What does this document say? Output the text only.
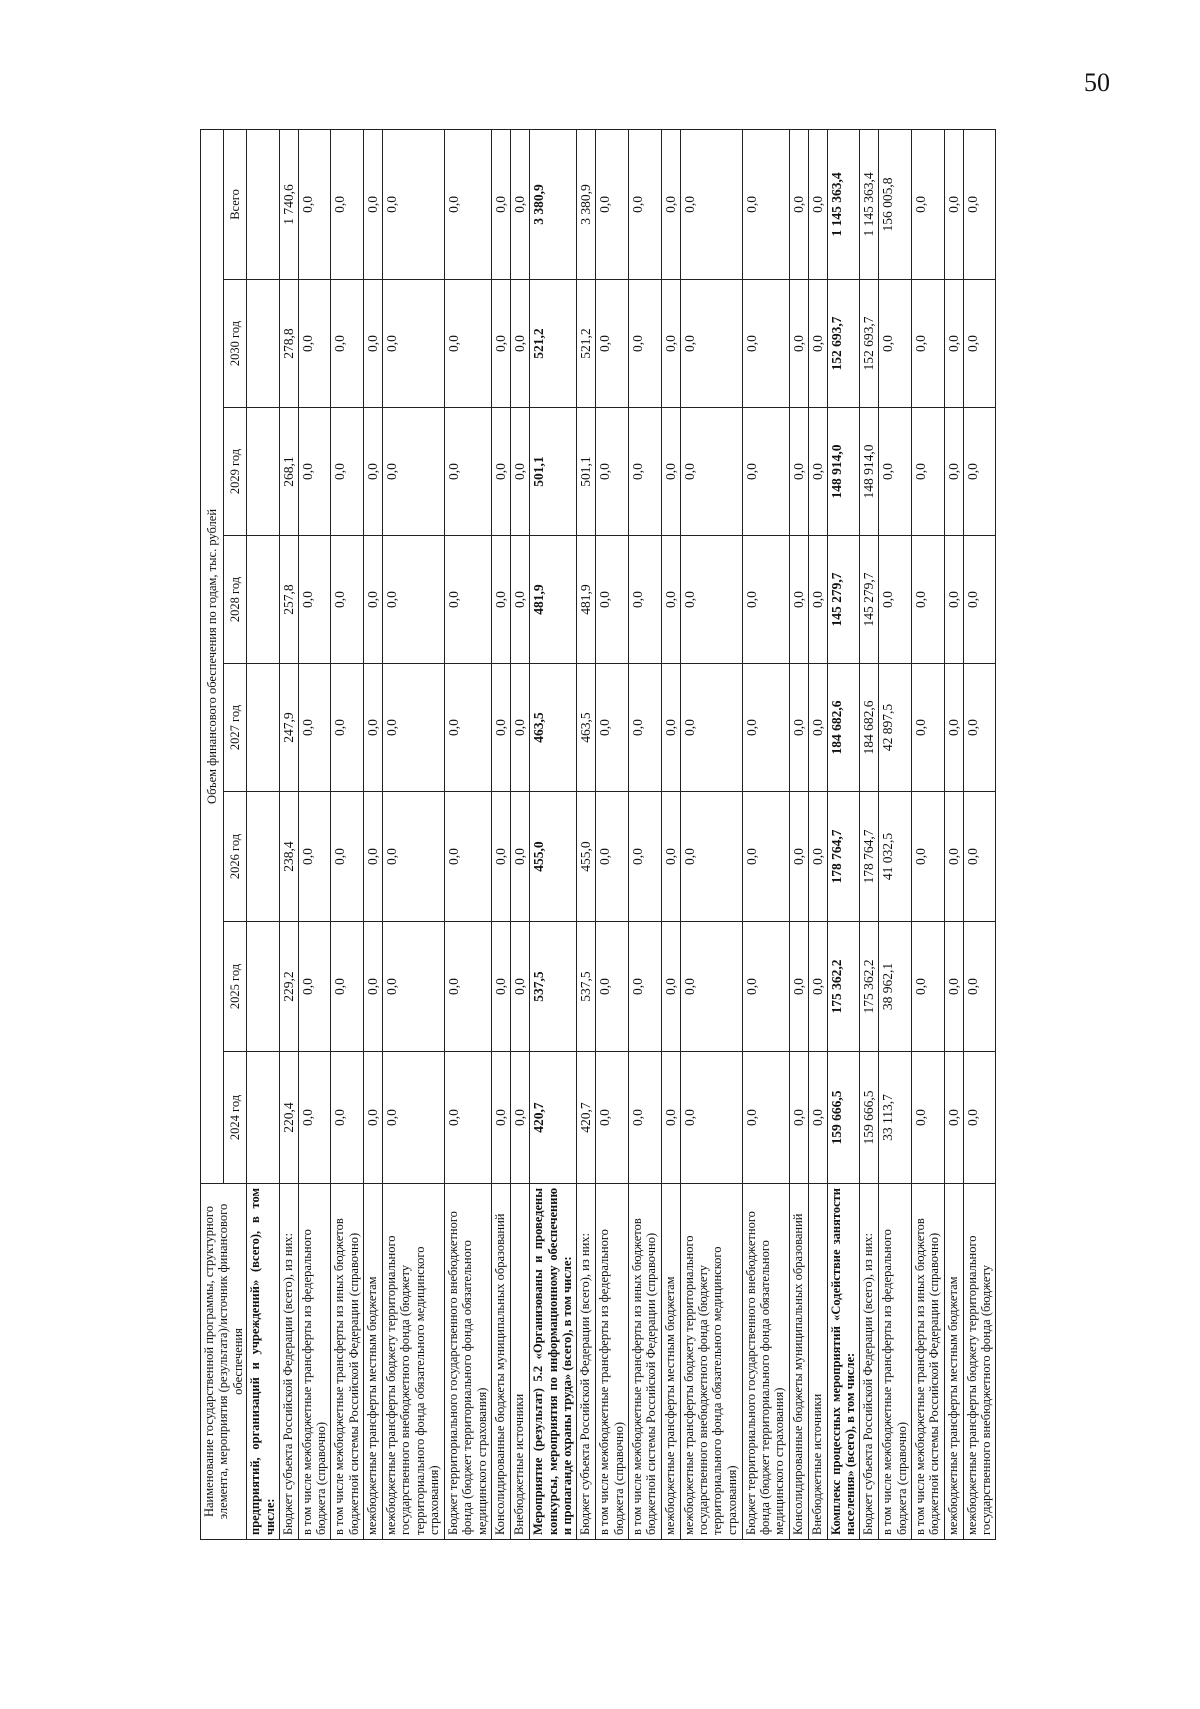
50
Наименование государственной программы, структурного элемента, мероприятия (результата)/источник финансового обеспечения	Объем финансового обеспечения по годам, тыс. рублей							
	2024 год	2025 год	2026 год	2027 год	2028 год	2029 год	2030 год	Всего
предприятий, организаций и учреждений» (всего), в том числе:								
Бюджет субъекта Российской Федерации (всего), из них:	220,4	229,2	238,4	247,9	257,8	268,1	278,8	1 740,6
в том числе межбюджетные трансферты из федерального бюджета (справочно)	0,0	0,0	0,0	0,0	0,0	0,0	0,0	0,0
в том числе межбюджетные трансферты из иных бюджетов бюджетной системы Российской Федерации (справочно)	0,0	0,0	0,0	0,0	0,0	0,0	0,0	0,0
межбюджетные трансферты местным бюджетам	0,0	0,0	0,0	0,0	0,0	0,0	0,0	0,0
межбюджетные трансферты бюджету территориального государственного внебюджетного фонда (бюджету территориального фонда обязательного медицинского страхования)	0,0	0,0	0,0	0,0	0,0	0,0	0,0	0,0
Бюджет территориального государственного внебюджетного фонда (бюджет территориального фонда обязательного медицинского страхования)	0,0	0,0	0,0	0,0	0,0	0,0	0,0	0,0
Консолидированные бюджеты муниципальных образований	0,0	0,0	0,0	0,0	0,0	0,0	0,0	0,0
Внебюджетные источники	0,0	0,0	0,0	0,0	0,0	0,0	0,0	0,0
Мероприятие (результат) 5.2 «Организованы и проведены конкурсы, мероприятия по информационному обеспечению и пропаганде охраны труда» (всего), в том числе:	420,7	537,5	455,0	463,5	481,9	501,1	521,2	3 380,9
Бюджет субъекта Российской Федерации (всего), из них:	420,7	537,5	455,0	463,5	481,9	501,1	521,2	3 380,9
в том числе межбюджетные трансферты из федерального бюджета (справочно)	0,0	0,0	0,0	0,0	0,0	0,0	0,0	0,0
в том числе межбюджетные трансферты из иных бюджетов бюджетной системы Российской Федерации (справочно)	0,0	0,0	0,0	0,0	0,0	0,0	0,0	0,0
межбюджетные трансферты местным бюджетам	0,0	0,0	0,0	0,0	0,0	0,0	0,0	0,0
межбюджетные трансферты бюджету территориального государственного внебюджетного фонда (бюджету территориального фонда обязательного медицинского страхования)	0,0	0,0	0,0	0,0	0,0	0,0	0,0	0,0
Бюджет территориального государственного внебюджетного фонда (бюджет территориального фонда обязательного медицинского страхования)	0,0	0,0	0,0	0,0	0,0	0,0	0,0	0,0
Консолидированные бюджеты муниципальных образований	0,0	0,0	0,0	0,0	0,0	0,0	0,0	0,0
Внебюджетные источники	0,0	0,0	0,0	0,0	0,0	0,0	0,0	0,0
Комплекс процессных мероприятий «Содействие занятости населения» (всего), в том числе:	159 666,5	175 362,2	178 764,7	184 682,6	145 279,7	148 914,0	152 693,7	1 145 363,4
Бюджет субъекта Российской Федерации (всего), из них:	159 666,5	175 362,2	178 764,7	184 682,6	145 279,7	148 914,0	152 693,7	1 145 363,4
в том числе межбюджетные трансферты из федерального бюджета (справочно)	33 113,7	38 962,1	41 032,5	42 897,5	0,0	0,0	0,0	156 005,8
в том числе межбюджетные трансферты из иных бюджетов бюджетной системы Российской Федерации (справочно)	0,0	0,0	0,0	0,0	0,0	0,0	0,0	0,0
межбюджетные трансферты местным бюджетам	0,0	0,0	0,0	0,0	0,0	0,0	0,0	0,0
межбюджетные трансферты бюджету территориального государственного внебюджетного фонда (бюджету	0,0	0,0	0,0	0,0	0,0	0,0	0,0	0,0
